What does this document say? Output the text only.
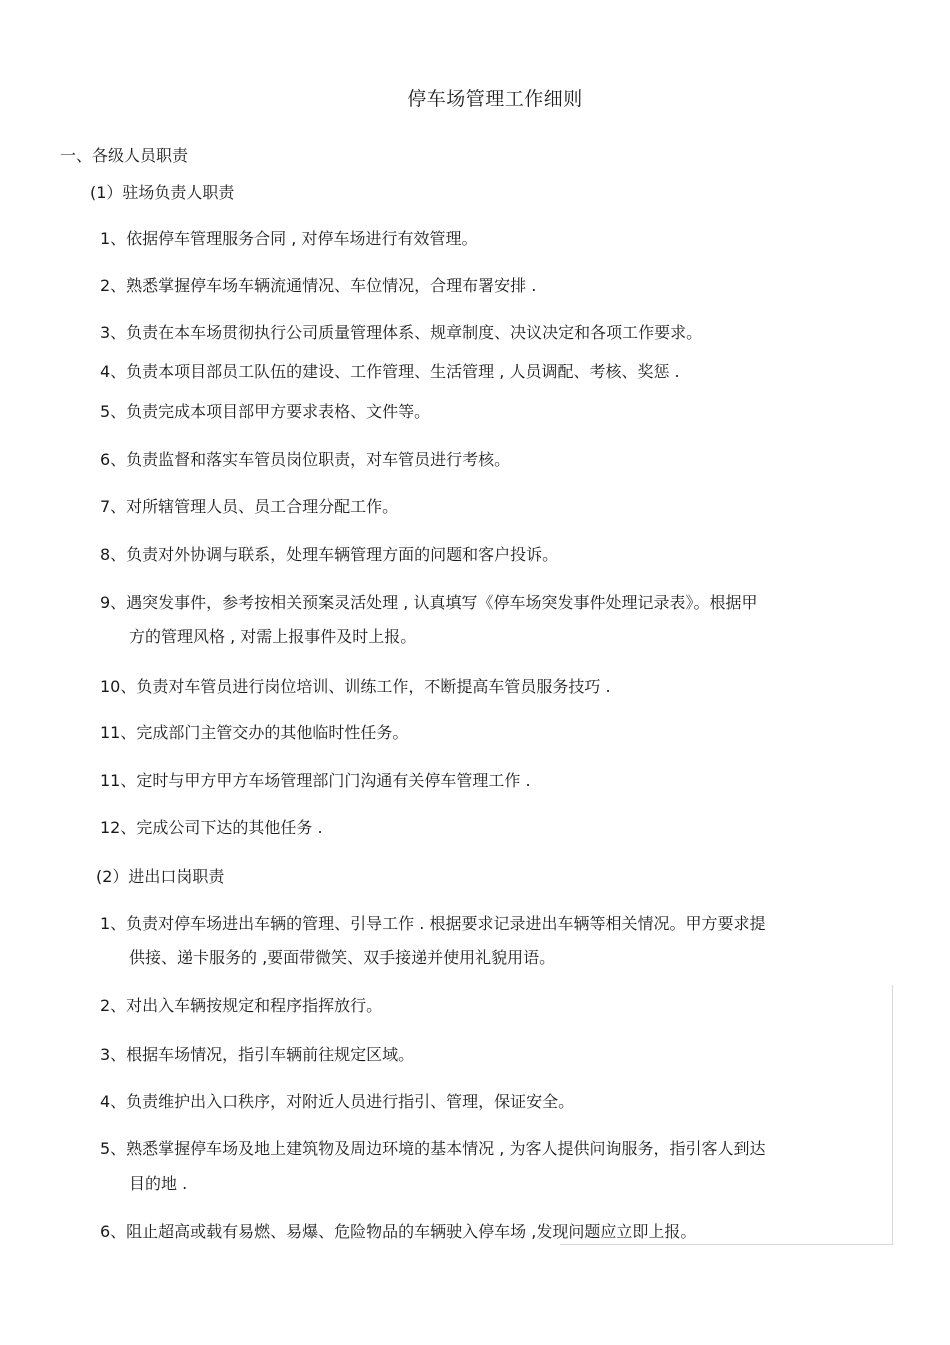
停车场管理工作细则
一、各级人员职责
(1）驻场负责人职责
1、依据停车管理服务合同 , 对停车场进行有效管理。
2、熟悉掌握停车场车辆流通情况、车位情况，合理布署安排 .
3、负责在本车场贯彻执行公司质量管理体系、规章制度、决议决定和各项工作要求。
4、负责本项目部员工队伍的建设、工作管理、生活管理 , 人员调配、考核、奖惩 .
5、负责完成本项目部甲方要求表格、文件等。
6、负责监督和落实车管员岗位职责，对车管员进行考核。
7、对所辖管理人员、员工合理分配工作。
8、负责对外协调与联系，处理车辆管理方面的问题和客户投诉。
9、遇突发事件，参考按相关预案灵活处理 , 认真填写《停车场突发事件处理记录表》。根据甲
方的管理风格 , 对需上报事件及时上报。
10、负责对车管员进行岗位培训、训练工作，不断提高车管员服务技巧 .
11、完成部门主管交办的其他临时性任务。
11、定时与甲方甲方车场管理部门门沟通有关停车管理工作 .
12、完成公司下达的其他任务 .
(2）进出口岗职责
1、负责对停车场进出车辆的管理、引导工作 . 根据要求记录进出车辆等相关情况。甲方要求提
供接、递卡服务的 ,要面带微笑、双手接递并使用礼貌用语。
2、对出入车辆按规定和程序指挥放行。
3、根据车场情况，指引车辆前往规定区域。
4、负责维护出入口秩序，对附近人员进行指引、管理，保证安全。
5、熟悉掌握停车场及地上建筑物及周边环境的基本情况 , 为客人提供问询服务，指引客人到达
目的地 .
6、阻止超高或载有易燃、易爆、危险物品的车辆驶入停车场 ,发现问题应立即上报。
